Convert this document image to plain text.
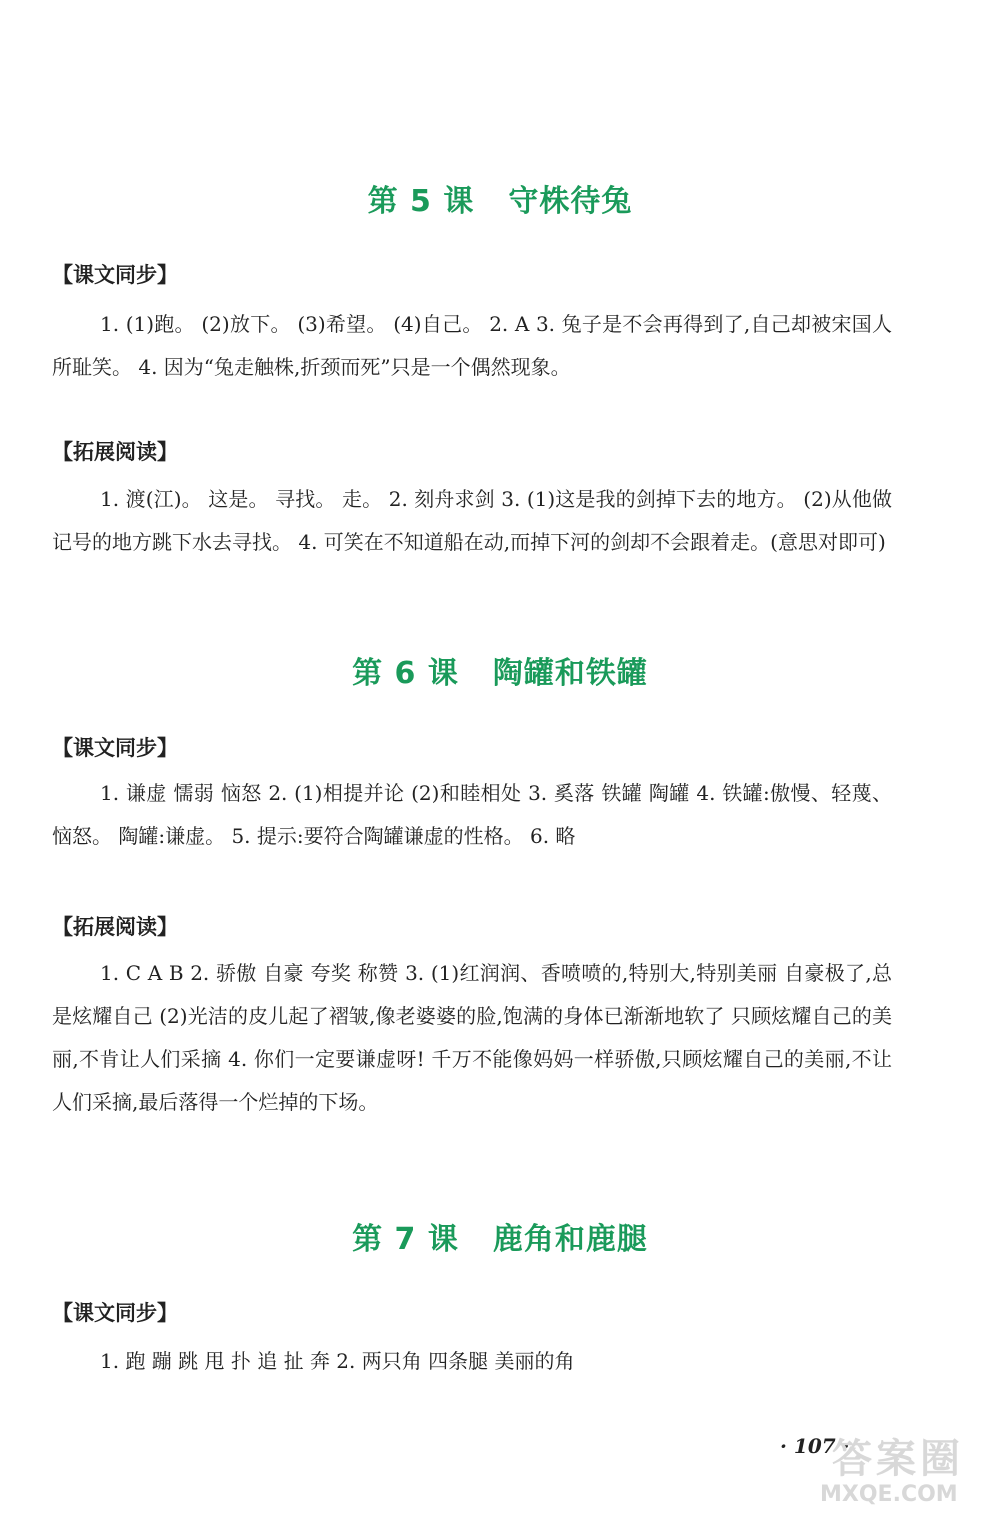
第 5 课 守株待兔
【课文同步】
1. (1)跑。 (2)放下。 (3)希望。 (4)自己。 2. A 3. 兔子是不会再得到了,自己却被宋国人所耻笑。 4. 因为“兔走触株,折颈而死”只是一个偶然现象。
【拓展阅读】
1. 渡(江)。 这是。 寻找。 走。 2. 刻舟求剑 3. (1)这是我的剑掉下去的地方。 (2)从他做记号的地方跳下水去寻找。 4. 可笑在不知道船在动,而掉下河的剑却不会跟着走。(意思对即可)
第 6 课 陶罐和铁罐
【课文同步】
1. 谦虚 懦弱 恼怒 2. (1)相提并论 (2)和睦相处 3. 奚落 铁罐 陶罐 4. 铁罐:傲慢、轻蔑、恼怒。 陶罐:谦虚。 5. 提示:要符合陶罐谦虚的性格。 6. 略
【拓展阅读】
1. C A B 2. 骄傲 自豪 夸奖 称赞 3. (1)红润润、香喷喷的,特别大,特别美丽 自豪极了,总是炫耀自己 (2)光洁的皮儿起了褶皱,像老婆婆的脸,饱满的身体已渐渐地软了 只顾炫耀自己的美丽,不肯让人们采摘 4. 你们一定要谦虚呀! 千万不能像妈妈一样骄傲,只顾炫耀自己的美丽,不让人们采摘,最后落得一个烂掉的下场。
第 7 课 鹿角和鹿腿
【课文同步】
1. 跑 蹦 跳 甩 扑 追 扯 奔 2. 两只角 四条腿 美丽的角
· 107 ·
答案圈
MXQE.COM
